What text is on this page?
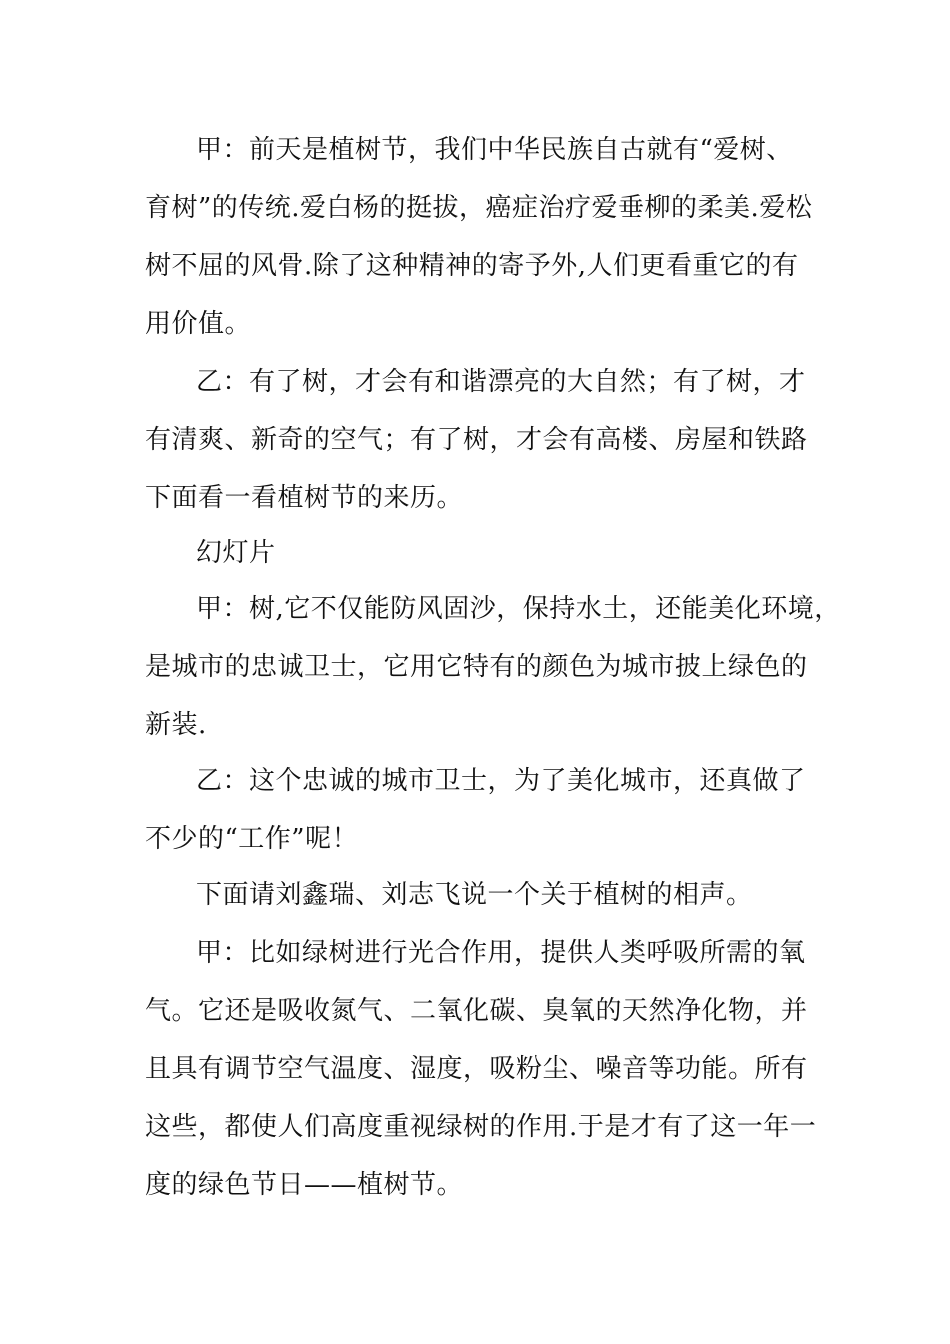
甲：前天是植树节，我们中华民族自古就有“爱树、
育树”的传统.爱白杨的挺拔，癌症治疗爱垂柳的柔美.爱松
树不屈的风骨.除了这种精神的寄予外,人们更看重它的有
用价值。
乙：有了树，才会有和谐漂亮的大自然；有了树，才
有清爽、新奇的空气；有了树，才会有高楼、房屋和铁路
下面看一看植树节的来历。
幻灯片
甲：树,它不仅能防风固沙，保持水土，还能美化环境，
是城市的忠诚卫士，它用它特有的颜色为城市披上绿色的
新装.
乙：这个忠诚的城市卫士，为了美化城市，还真做了
不少的“工作”呢！
下面请刘鑫瑞、刘志飞说一个关于植树的相声。
甲：比如绿树进行光合作用，提供人类呼吸所需的氧
气。它还是吸收氮气、二氧化碳、臭氧的天然净化物，并
且具有调节空气温度、湿度，吸粉尘、噪音等功能。所有
这些，都使人们高度重视绿树的作用.于是才有了这一年一
度的绿色节日——植树节。
